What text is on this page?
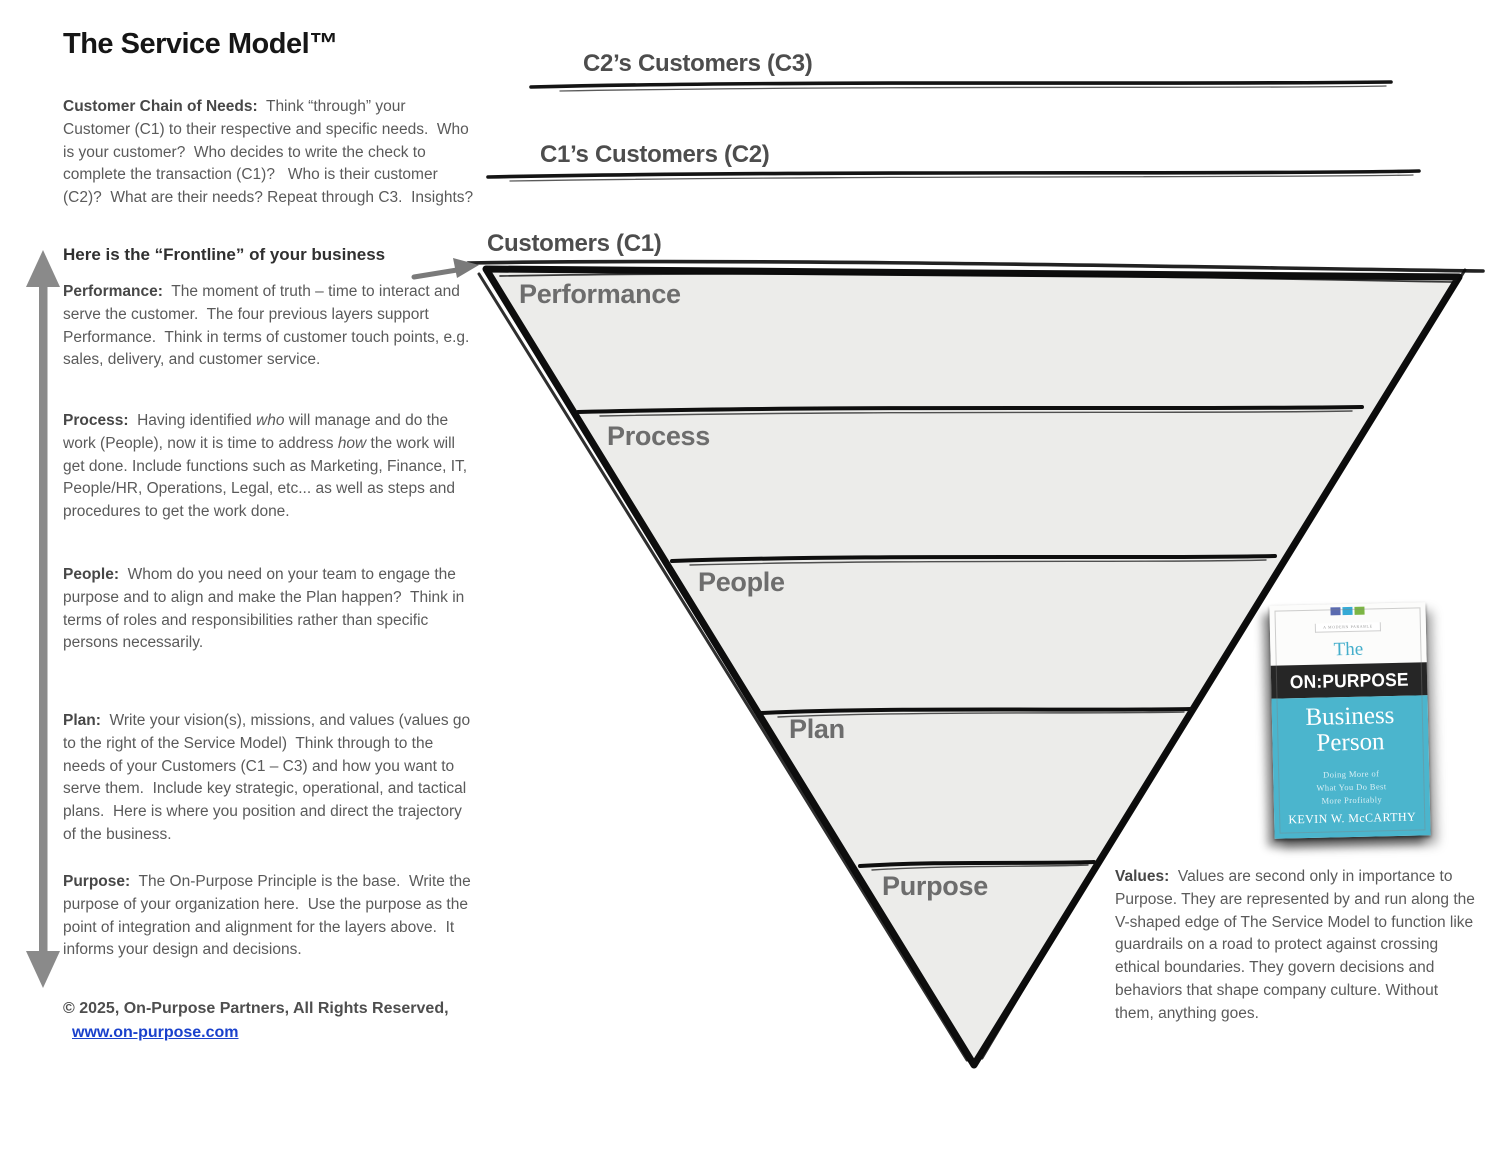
The Service Model™
Customer Chain of Needs:  Think “through” your Customer (C1) to their respective and specific needs.  Who is your customer?  Who decides to write the check to complete the transaction (C1)?   Who is their customer (C2)?  What are their needs? Repeat through C3.  Insights?
Here is the “Frontline” of your business
Performance:  The moment of truth – time to interact and serve the customer.  The four previous layers support Performance.  Think in terms of customer touch points, e.g. sales, delivery, and customer service.
Process:  Having identified who will manage and do the work (People), now it is time to address how the work will get done. Include functions such as Marketing, Finance, IT, People/HR, Operations, Legal, etc... as well as steps and procedures to get the work done.
People:  Whom do you need on your team to engage the purpose and to align and make the Plan happen?  Think in terms of roles and responsibilities rather than specific persons necessarily.
Plan:  Write your vision(s), missions, and values (values go to the right of the Service Model)  Think through to the needs of your Customers (C1 – C3) and how you want to serve them.  Include key strategic, operational, and tactical plans.  Here is where you position and direct the trajectory of the business.
Purpose:  The On-Purpose Principle is the base.  Write the purpose of your organization here.  Use the purpose as the point of integration and alignment for the layers above.  It informs your design and decisions.
© 2025, On-Purpose Partners, All Rights Reserved,
www.on-purpose.com
C2’s Customers (C3)
C1’s Customers (C2)
Customers (C1)
Performance
Process
People
Plan
Purpose	Values:  Values are second only in importance to Purpose. They are represented by and run along the V-shaped edge of The Service Model to function like guardrails on a road to protect against crossing ethical boundaries. They govern decisions and behaviors that shape company culture. Without them, anything goes.
A MODERN PARABLE
The
ON:PURPOSE
Business
Person
Doing More of
What You Do Best
More Profitably
KEVIN W. McCARTHY
